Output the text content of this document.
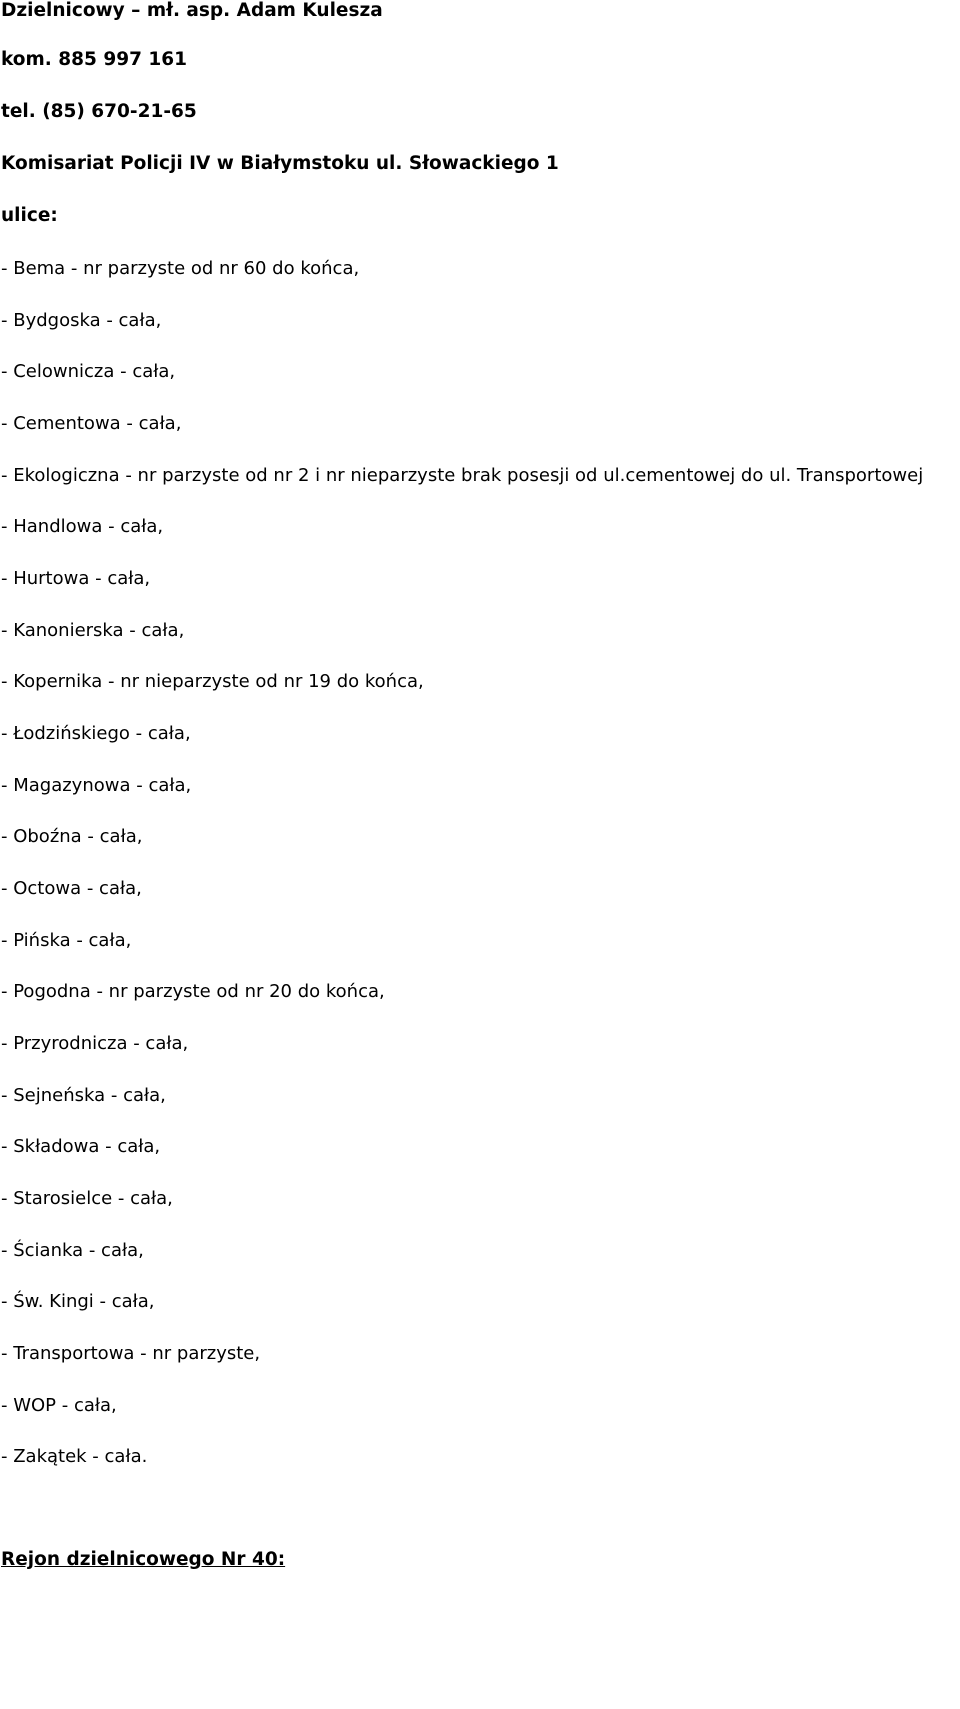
Dzielnicowy – mł. asp. Adam Kulesza
kom. 885 997 161
tel. (85) 670-21-65
Komisariat Policji IV w Białymstoku ul. Słowackiego 1
ulice:
- Bema - nr parzyste od nr 60 do końca,
- Bydgoska - cała,
- Celownicza - cała,
- Cementowa - cała,
- Ekologiczna - nr parzyste od nr 2 i nr nieparzyste brak posesji od ul.cementowej do ul. Transportowej
- Handlowa - cała,
- Hurtowa - cała,
- Kanonierska - cała,
- Kopernika - nr nieparzyste od nr 19 do końca,
- Łodzińskiego - cała,
- Magazynowa - cała,
- Oboźna - cała,
- Octowa - cała,
- Pińska - cała,
- Pogodna - nr parzyste od nr 20 do końca,
- Przyrodnicza - cała,
- Sejneńska - cała,
- Składowa - cała,
- Starosielce - cała,
- Ścianka - cała,
- Św. Kingi - cała,
- Transportowa - nr parzyste,
- WOP - cała,
- Zakątek - cała.
Rejon dzielnicowego Nr 40:
